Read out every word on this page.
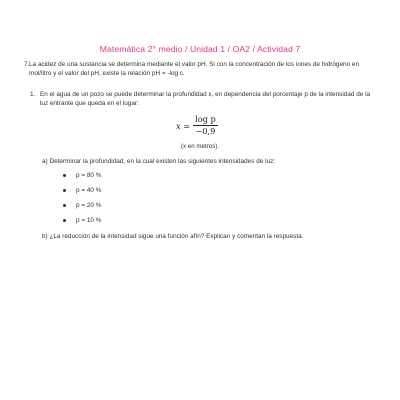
Matemática 2° medio / Unidad 1 / OA2 / Actividad 7
7. La acidez de una sustancia se determina mediante el valor pH. Si con la concentración de los iones de hidrógeno en mol/litro y el valor del pH, existe la relación pH = -log c.
1. En el agua de un pozo se puede determinar la profundidad x, en dependencia del porcentaje p de la intensidad de la luz entrante que queda en el lugar:
$x = \frac{\text{log p}}{-0,9}$
(x en metros).
a) Determinar la profundidad, en la cual existen las siguientes intensidades de luz:
p = 80 %
p = 40 %
p = 20 %
p = 10 %
b) ¿La reducción de la intensidad sigue una función afín? Explican y comentan la respuesta.
